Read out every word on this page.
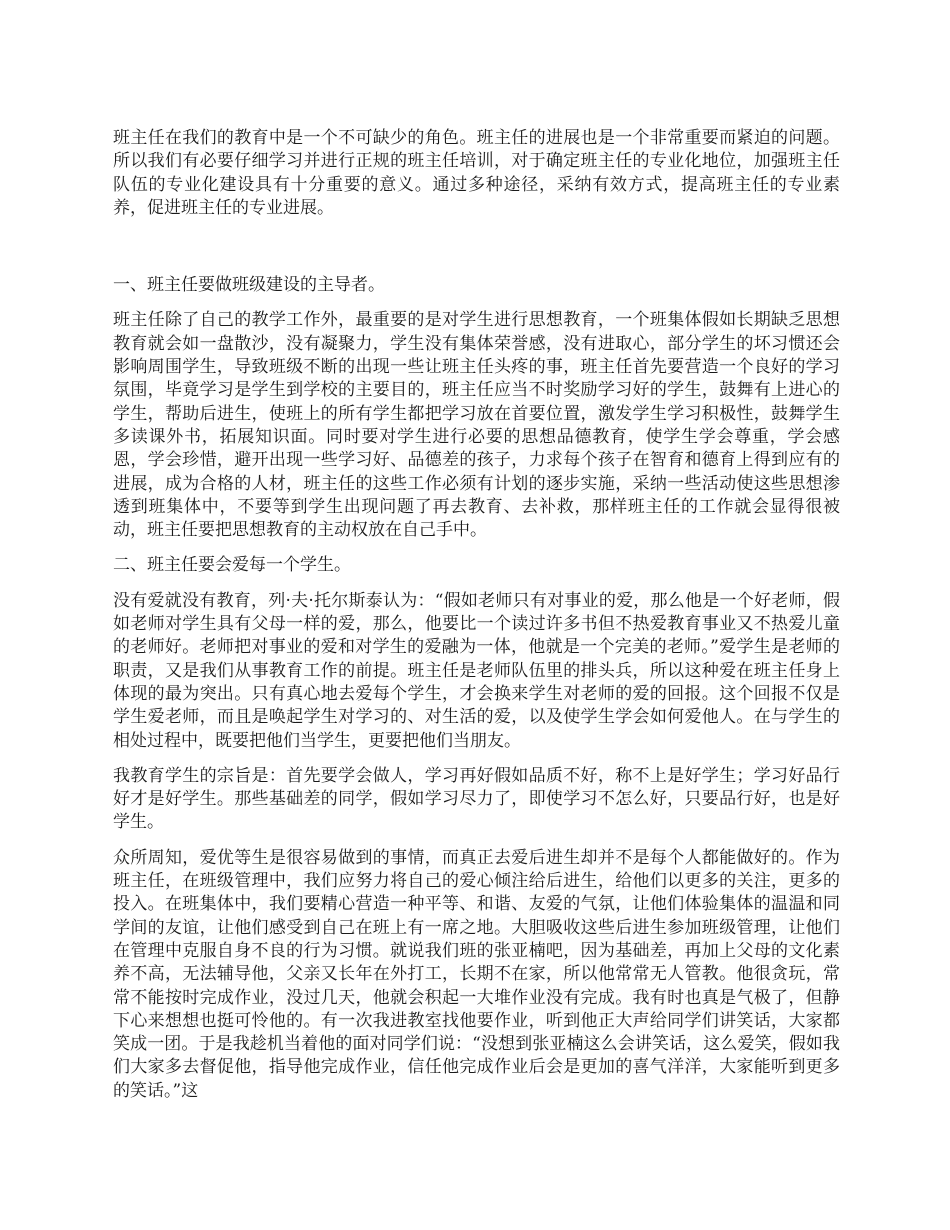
班主任在我们的教育中是一个不可缺少的角色。班主任的进展也是一个非常重要而紧迫的问题。所以我们有必要仔细学习并进行正规的班主任培训，对于确定班主任的专业化地位，加强班主任队伍的专业化建设具有十分重要的意义。通过多种途径，采纳有效方式，提高班主任的专业素养，促进班主任的专业进展。

一、班主任要做班级建设的主导者。

班主任除了自己的教学工作外，最重要的是对学生进行思想教育，一个班集体假如长期缺乏思想教育就会如一盘散沙，没有凝聚力，学生没有集体荣誉感，没有进取心，部分学生的坏习惯还会影响周围学生，导致班级不断的出现一些让班主任头疼的事，班主任首先要营造一个良好的学习氛围，毕竟学习是学生到学校的主要目的，班主任应当不时奖励学习好的学生，鼓舞有上进心的学生，帮助后进生，使班上的所有学生都把学习放在首要位置，激发学生学习积极性，鼓舞学生多读课外书，拓展知识面。同时要对学生进行必要的思想品德教育，使学生学会尊重，学会感恩，学会珍惜，避开出现一些学习好、品德差的孩子，力求每个孩子在智育和德育上得到应有的进展，成为合格的人材，班主任的这些工作必须有计划的逐步实施，采纳一些活动使这些思想渗透到班集体中，不要等到学生出现问题了再去教育、去补救，那样班主任的工作就会显得很被动，班主任要把思想教育的主动权放在自己手中。

二、班主任要会爱每一个学生。

没有爱就没有教育，列·夫·托尔斯泰认为：“假如老师只有对事业的爱，那么他是一个好老师，假如老师对学生具有父母一样的爱，那么，他要比一个读过许多书但不热爱教育事业又不热爱儿童的老师好。老师把对事业的爱和对学生的爱融为一体，他就是一个完美的老师。”爱学生是老师的职责，又是我们从事教育工作的前提。班主任是老师队伍里的排头兵，所以这种爱在班主任身上体现的最为突出。只有真心地去爱每个学生，才会换来学生对老师的爱的回报。这个回报不仅是学生爱老师，而且是唤起学生对学习的、对生活的爱，以及使学生学会如何爱他人。在与学生的相处过程中，既要把他们当学生，更要把他们当朋友。

我教育学生的宗旨是：首先要学会做人，学习再好假如品质不好，称不上是好学生；学习好品行好才是好学生。那些基础差的同学，假如学习尽力了，即使学习不怎么好，只要品行好，也是好学生。

众所周知，爱优等生是很容易做到的事情，而真正去爱后进生却并不是每个人都能做好的。作为班主任，在班级管理中，我们应努力将自己的爱心倾注给后进生，给他们以更多的关注，更多的投入。在班集体中，我们要精心营造一种平等、和谐、友爱的气氛，让他们体验集体的温温和同学间的友谊，让他们感受到自己在班上有一席之地。大胆吸收这些后进生参加班级管理，让他们在管理中克服自身不良的行为习惯。就说我们班的张亚楠吧，因为基础差，再加上父母的文化素养不高，无法辅导他，父亲又长年在外打工，长期不在家，所以他常常无人管教。他很贪玩，常常不能按时完成作业，没过几天，他就会积起一大堆作业没有完成。我有时也真是气极了，但静下心来想想也挺可怜他的。有一次我进教室找他要作业，听到他正大声给同学们讲笑话，大家都笑成一团。于是我趁机当着他的面对同学们说：“没想到张亚楠这么会讲笑话，这么爱笑，假如我们大家多去督促他，指导他完成作业，信任他完成作业后会是更加的喜气洋洋，大家能听到更多的笑话。”这
